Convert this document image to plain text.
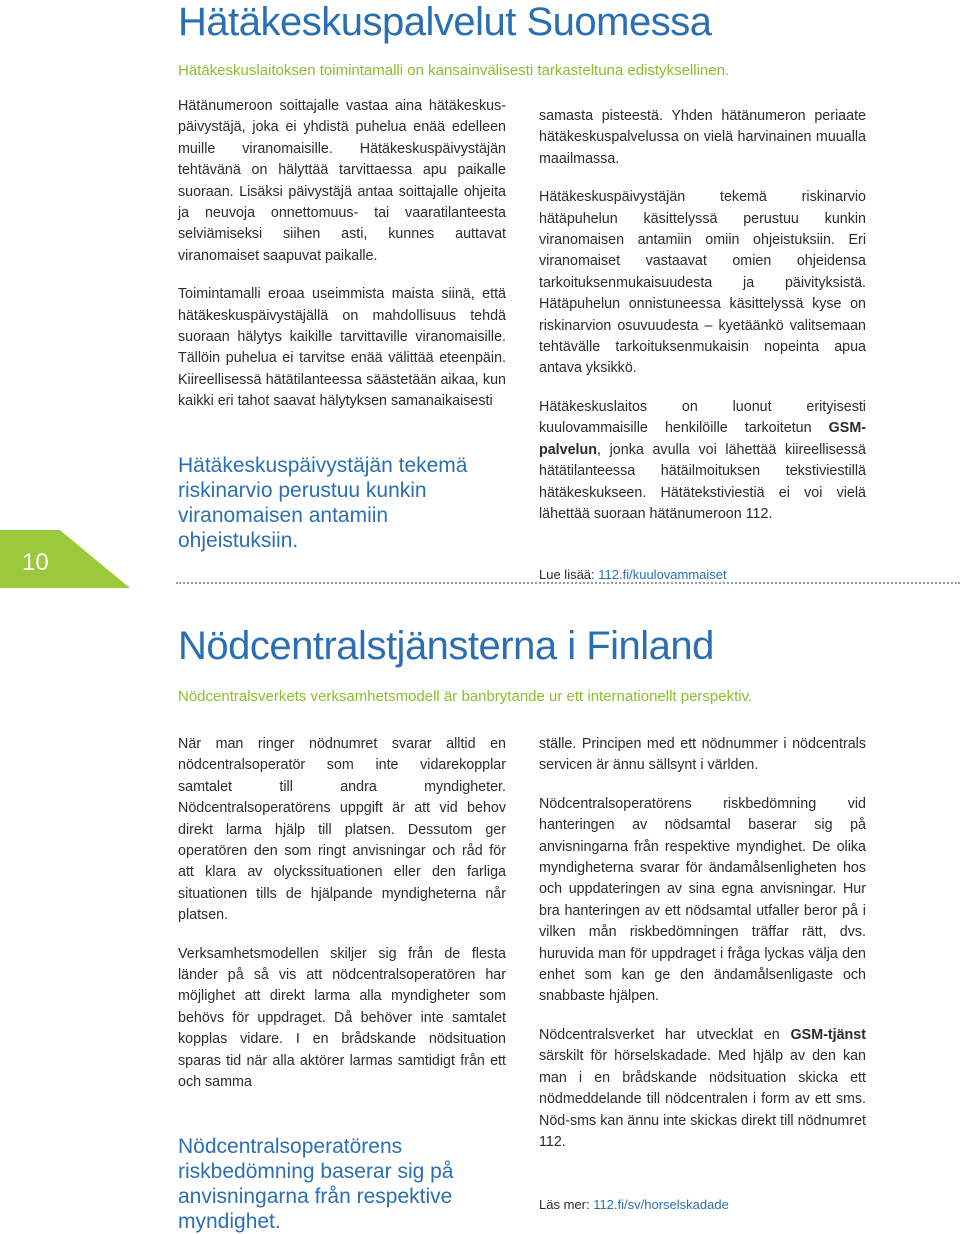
Hätäkeskuspalvelut Suomessa

Hätäkeskuslaitoksen toimintamalli on kansainvälisesti tarkasteltuna edistyksellinen.

Hätänumeroon soittajalle vastaa aina hätäkeskus-päivystäjä, joka ei yhdistä puhelua enää edelleen muille viranomaisille. Hätäkeskuspäivystäjän tehtävänä on hälyttää tarvittaessa apu paikalle suoraan. Lisäksi päivystäjä antaa soittajalle ohjeita ja neuvoja onnettomuus- tai vaaratilanteesta selviämiseksi siihen asti, kunnes auttavat viranomaiset saapuvat paikalle.

Toimintamalli eroaa useimmista maista siinä, että hätäkeskuspäivystäjällä on mahdollisuus tehdä suoraan hälytys kaikille tarvittaville viranomaisille. Tällöin puhelua ei tarvitse enää välittää eteenpäin. Kiireellisessä hätätilanteessa säästetään aikaa, kun kaikki eri tahot saavat hälytyksen samanaikaisesti

Hätäkeskuspäivystäjän tekemä riskinarvio perustuu kunkin viranomaisen antamiin ohjeistuksiin.

samasta pisteestä. Yhden hätänumeron periaate hätäkeskuspalvelussa on vielä harvinainen muualla maailmassa.

Hätäkeskuspäivystäjän tekemä riskinarvio hätäpuhelun käsittelyssä perustuu kunkin viranomaisen antamiin omiin ohjeistuksiin. Eri viranomaiset vastaavat omien ohjeidensa tarkoituksenmukaisuudesta ja päivityksistä. Hätäpuhelun onnistuneessa käsittelyssä kyse on riskinarvion osuvuudesta – kyetäänkö valitsemaan tehtävälle tarkoituksenmukaisin nopeinta apua antava yksikkö.

Hätäkeskuslaitos on luonut erityisesti kuulovammaisille henkilöille tarkoitetun GSM-palvelun, jonka avulla voi lähettää kiireellisessä hätätilanteessa hätäilmoituksen tekstiviestillä hätäkeskukseen. Hätätekstiviestiä ei voi vielä lähettää suoraan hätänumeroon 112.

Lue lisää: 112.fi/kuulovammaiset

10
Nödcentralstjänsterna i Finland

Nödcentralsverkets verksamhetsmodell är banbrytande ur ett internationellt perspektiv.

När man ringer nödnumret svarar alltid en nödcentralsoperatör som inte vidarekopplar samtalet till andra myndigheter. Nödcentralsoperatörens uppgift är att vid behov direkt larma hjälp till platsen. Dessutom ger operatören den som ringt anvisningar och råd för att klara av olyckssituationen eller den farliga situationen tills de hjälpande myndigheterna når platsen.

Verksamhetsmodellen skiljer sig från de flesta länder på så vis att nödcentralsoperatören har möjlighet att direkt larma alla myndigheter som behövs för uppdraget. Då behöver inte samtalet kopplas vidare. I en brådskande nödsituation sparas tid när alla aktörer larmas samtidigt från ett och samma

Nödcentralsoperatörens riskbedömning baserar sig på anvisningarna från respektive myndighet.

ställe. Principen med ett nödnummer i nödcentrals servicen är ännu sällsynt i världen.

Nödcentralsoperatörens riskbedömning vid hanteringen av nödsamtal baserar sig på anvisningarna från respektive myndighet. De olika myndigheterna svarar för ändamålsenligheten hos och uppdateringen av sina egna anvisningar. Hur bra hanteringen av ett nödsamtal utfaller beror på i vilken mån riskbedömningen träffar rätt, dvs. huruvida man för uppdraget i fråga lyckas välja den enhet som kan ge den ändamålsenligaste och snabbaste hjälpen.

Nödcentralsverket har utvecklat en GSM-tjänst särskilt för hörselskadade. Med hjälp av den kan man i en brådskande nödsituation skicka ett nödmeddelande till nödcentralen i form av ett sms. Nöd-sms kan ännu inte skickas direkt till nödnumret 112.

Läs mer: 112.fi/sv/horselskadade
